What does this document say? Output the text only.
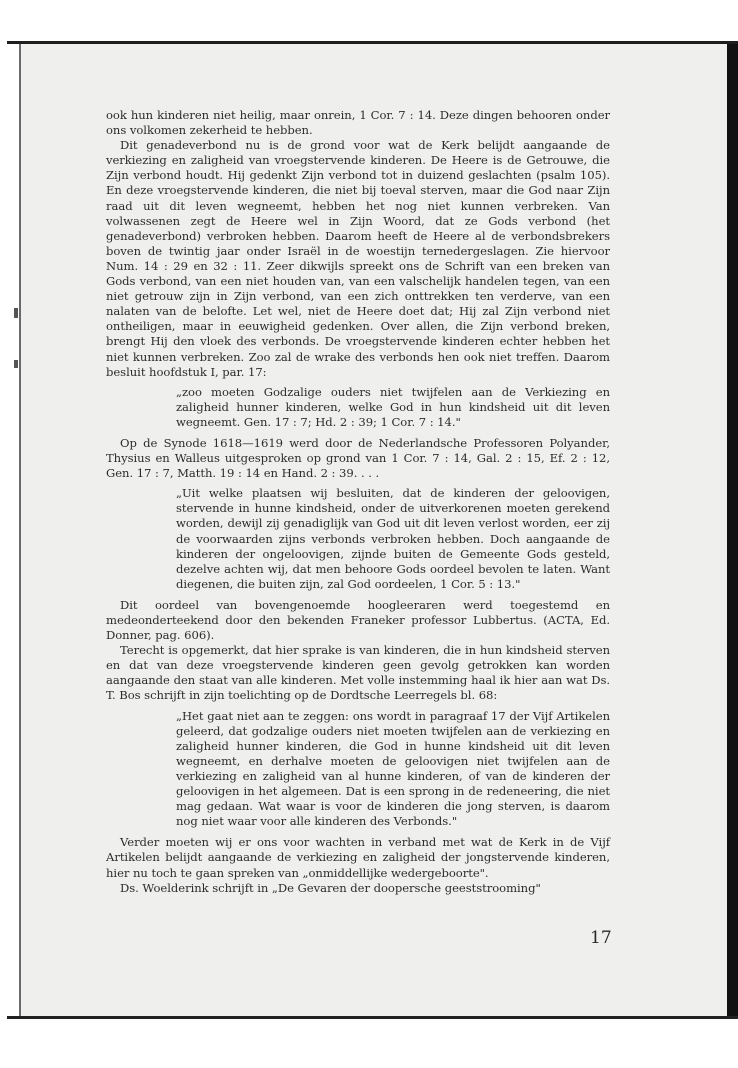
ook hun kinderen niet heilig, maar onrein, 1 Cor. 7 : 14. Deze dingen behooren onder ons volkomen zekerheid te hebben.

Dit genadeverbond nu is de grond voor wat de Kerk belijdt aangaande de verkiezing en zaligheid van vroegstervende kinderen. De Heere is de Getrouwe, die Zijn verbond houdt. Hij gedenkt Zijn verbond tot in duizend geslachten (psalm 105). En deze vroegstervende kinderen, die niet bij toeval sterven, maar die God naar Zijn raad uit dit leven wegneemt, hebben het nog niet kunnen verbreken. Van volwassenen zegt de Heere wel in Zijn Woord, dat ze Gods verbond (het genadeverbond) verbroken hebben. Daarom heeft de Heere al de verbondsbrekers boven de twintig jaar onder Israël in de woestijn ternedergeslagen. Zie hiervoor Num. 14 : 29 en 32 : 11. Zeer dikwijls spreekt ons de Schrift van een breken van Gods verbond, van een niet houden van, van een valschelijk handelen tegen, van een niet getrouw zijn in Zijn verbond, van een zich onttrekken ten verderve, van een nalaten van de belofte. Let wel, niet de Heere doet dat; Hij zal Zijn verbond niet ontheiligen, maar in eeuwigheid gedenken. Over allen, die Zijn verbond breken, brengt Hij den vloek des verbonds. De vroegstervende kinderen echter hebben het niet kunnen verbreken. Zoo zal de wrake des verbonds hen ook niet treffen. Daarom besluit hoofdstuk I, par. 17:

„zoo moeten Godzalige ouders niet twijfelen aan de Verkiezing en zaligheid hunner kinderen, welke God in hun kindsheid uit dit leven wegneemt. Gen. 17 : 7; Hd. 2 : 39; 1 Cor. 7 : 14."

Op de Synode 1618—1619 werd door de Nederlandsche Professoren Polyander, Thysius en Walleus uitgesproken op grond van 1 Cor. 7 : 14, Gal. 2 : 15, Ef. 2 : 12, Gen. 17 : 7, Matth. 19 : 14 en Hand. 2 : 39. . . .

„Uit welke plaatsen wij besluiten, dat de kinderen der geloovigen, stervende in hunne kindsheid, onder de uitverkorenen moeten gerekend worden, dewijl zij genadiglijk van God uit dit leven verlost worden, eer zij de voorwaarden zijns verbonds verbroken hebben. Doch aangaande de kinderen der ongeloovigen, zijnde buiten de Gemeente Gods gesteld, dezelve achten wij, dat men behoore Gods oordeel bevolen te laten. Want diegenen, die buiten zijn, zal God oordeelen, 1 Cor. 5 : 13."

Dit oordeel van bovengenoemde hoogleeraren werd toegestemd en medeonderteekend door den bekenden Franeker professor Lubbertus. (ACTA, Ed. Donner, pag. 606).

Terecht is opgemerkt, dat hier sprake is van kinderen, die in hun kindsheid sterven en dat van deze vroegstervende kinderen geen gevolg getrokken kan worden aangaande den staat van alle kinderen. Met volle instemming haal ik hier aan wat Ds. T. Bos schrijft in zijn toelichting op de Dordtsche Leerregels bl. 68:

„Het gaat niet aan te zeggen: ons wordt in paragraaf 17 der Vijf Artikelen geleerd, dat godzalige ouders niet moeten twijfelen aan de verkiezing en zaligheid hunner kinderen, die God in hunne kindsheid uit dit leven wegneemt, en derhalve moeten de geloovigen niet twijfelen aan de verkiezing en zaligheid van al hunne kinderen, of van de kinderen der geloovigen in het algemeen. Dat is een sprong in de redeneering, die niet mag gedaan. Wat waar is voor de kinderen die jong sterven, is daarom nog niet waar voor alle kinderen des Verbonds."

Verder moeten wij er ons voor wachten in verband met wat de Kerk in de Vijf Artikelen belijdt aangaande de verkiezing en zaligheid der jongstervende kinderen, hier nu toch te gaan spreken van „onmiddellijke wedergeboorte".

Ds. Woelderink schrijft in „De Gevaren der doopersche geeststrooming"

17
